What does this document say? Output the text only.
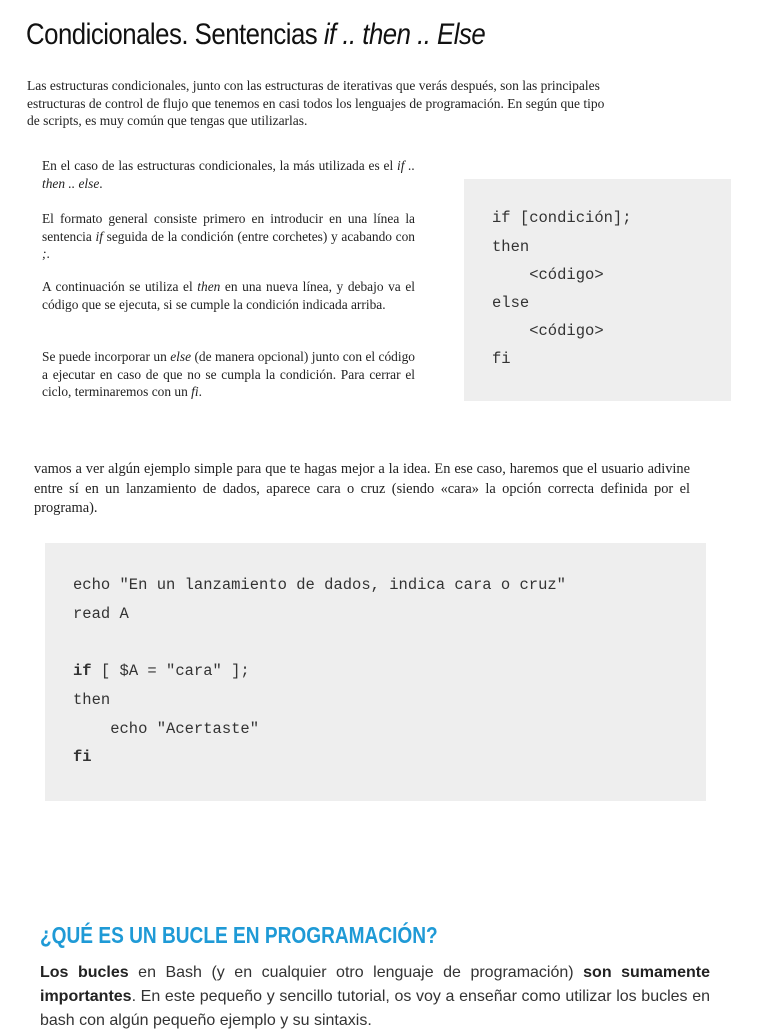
Condicionales. Sentencias if .. then .. Else
Las estructuras condicionales, junto con las estructuras de iterativas que verás después, son las principales estructuras de control de flujo que tenemos en casi todos los lenguajes de programación. En según que tipo de scripts, es muy común que tengas que utilizarlas.
En el caso de las estructuras condicionales, la más utilizada es el if .. then .. else.
El formato general consiste primero en introducir en una línea la sentencia if seguida de la condición (entre corchetes) y acabando con ;.
A continuación se utiliza el then en una nueva línea, y debajo va el código que se ejecuta, si se cumple la condición indicada arriba.
Se puede incorporar un else (de manera opcional) junto con el código a ejecutar en caso de que no se cumpla la condición. Para cerrar el ciclo, terminaremos con un fi.
if [condición];
then
<código>
else
<código>
fi
vamos a ver algún ejemplo simple para que te hagas mejor a la idea. En ese caso, haremos que el usuario adivine entre sí en un lanzamiento de dados, aparece cara o cruz (siendo «cara» la opción correcta definida por el programa).
echo "En un lanzamiento de dados, indica cara o cruz"
read A
if [ $A = "cara" ];
then
echo "Acertaste"
fi
¿QUÉ ES UN BUCLE EN PROGRAMACIÓN?
Los bucles en Bash (y en cualquier otro lenguaje de programación) son sumamente importantes. En este pequeño y sencillo tutorial, os voy a enseñar como utilizar los bucles en bash con algún pequeño ejemplo y su sintaxis.
